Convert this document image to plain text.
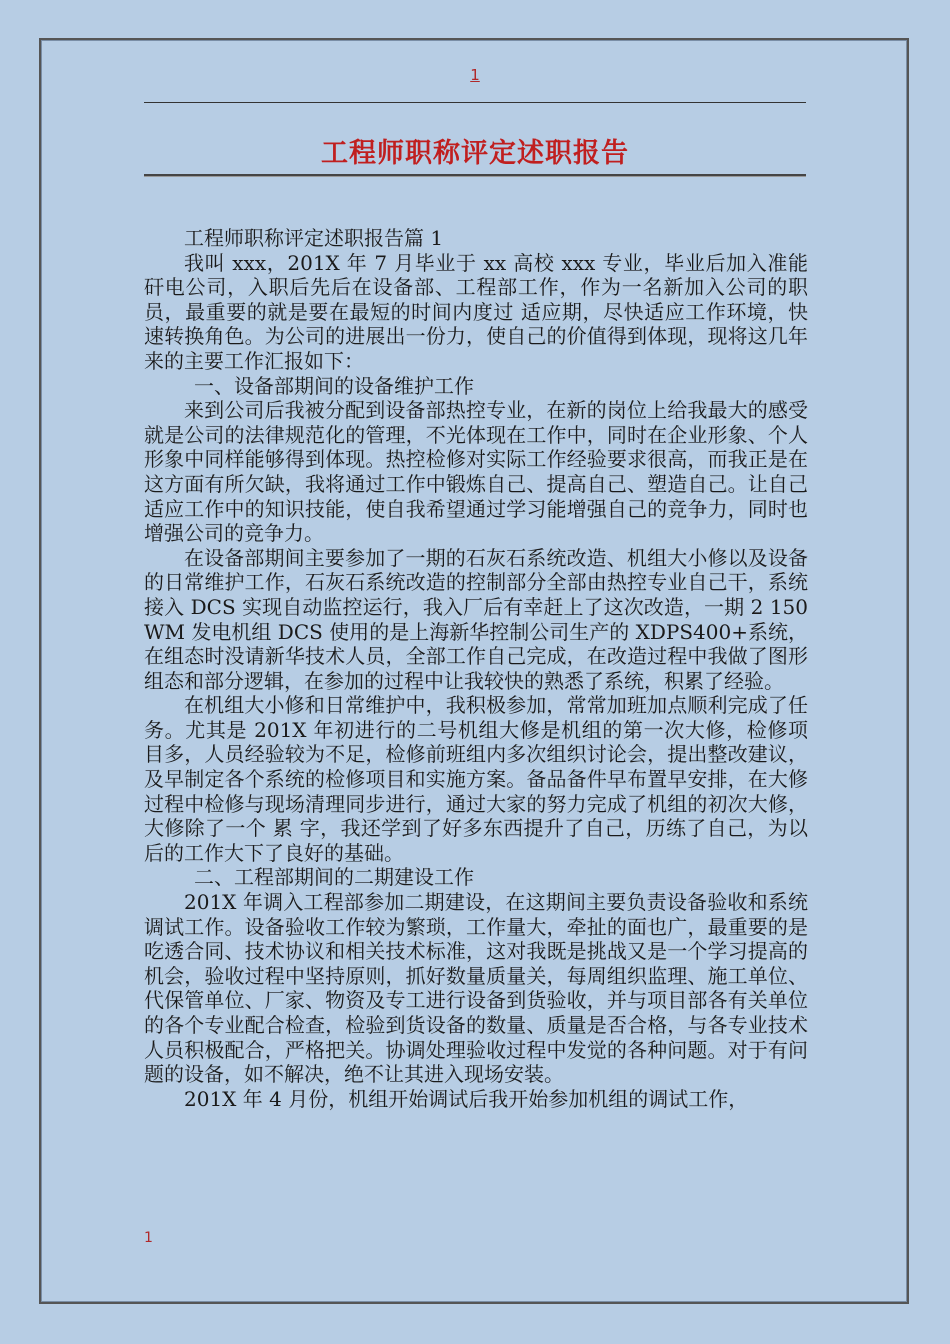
1
工程师职称评定述职报告

工程师职称评定述职报告篇 1

我叫 xxx，201X 年 7 月毕业于 xx 高校 xxx 专业，毕业后加入准能矸电公司，入职后先后在设备部、工程部工作，作为一名新加入公司的职员，最重要的就是要在最短的时间内度过 适应期，尽快适应工作环境，快速转换角色。为公司的进展出一份力，使自己的价值得到体现，现将这几年来的主要工作汇报如下：

一、设备部期间的设备维护工作

来到公司后我被分配到设备部热控专业，在新的岗位上给我最大的感受就是公司的法律规范化的管理，不光体现在工作中，同时在企业形象、个人形象中同样能够得到体现。热控检修对实际工作经验要求很高，而我正是在这方面有所欠缺，我将通过工作中锻炼自己、提高自己、塑造自己。让自己适应工作中的知识技能，使自我希望通过学习能增强自己的竞争力，同时也增强公司的竞争力。

在设备部期间主要参加了一期的石灰石系统改造、机组大小修以及设备的日常维护工作，石灰石系统改造的控制部分全部由热控专业自己干，系统接入 DCS 实现自动监控运行，我入厂后有幸赶上了这次改造，一期 2 150WM 发电机组 DCS 使用的是上海新华控制公司生产的 XDPS400+系统，在组态时没请新华技术人员，全部工作自己完成，在改造过程中我做了图形组态和部分逻辑，在参加的过程中让我较快的熟悉了系统，积累了经验。

在机组大小修和日常维护中，我积极参加，常常加班加点顺利完成了任务。尤其是 201X 年初进行的二号机组大修是机组的第一次大修，检修项目多，人员经验较为不足，检修前班组内多次组织讨论会，提出整改建议，及早制定各个系统的检修项目和实施方案。备品备件早布置早安排，在大修过程中检修与现场清理同步进行，通过大家的努力完成了机组的初次大修，大修除了一个 累 字，我还学到了好多东西提升了自己，历练了自己，为以后的工作大下了良好的基础。

二、工程部期间的二期建设工作

201X 年调入工程部参加二期建设，在这期间主要负责设备验收和系统调试工作。设备验收工作较为繁琐，工作量大，牵扯的面也广，最重要的是吃透合同、技术协议和相关技术标准，这对我既是挑战又是一个学习提高的机会，验收过程中坚持原则，抓好数量质量关，每周组织监理、施工单位、代保管单位、厂家、物资及专工进行设备到货验收，并与项目部各有关单位的各个专业配合检查，检验到货设备的数量、质量是否合格，与各专业技术人员积极配合，严格把关。协调处理验收过程中发觉的各种问题。对于有问题的设备，如不解决，绝不让其进入现场安装。

201X 年 4 月份，机组开始调试后我开始参加机组的调试工作，

1
